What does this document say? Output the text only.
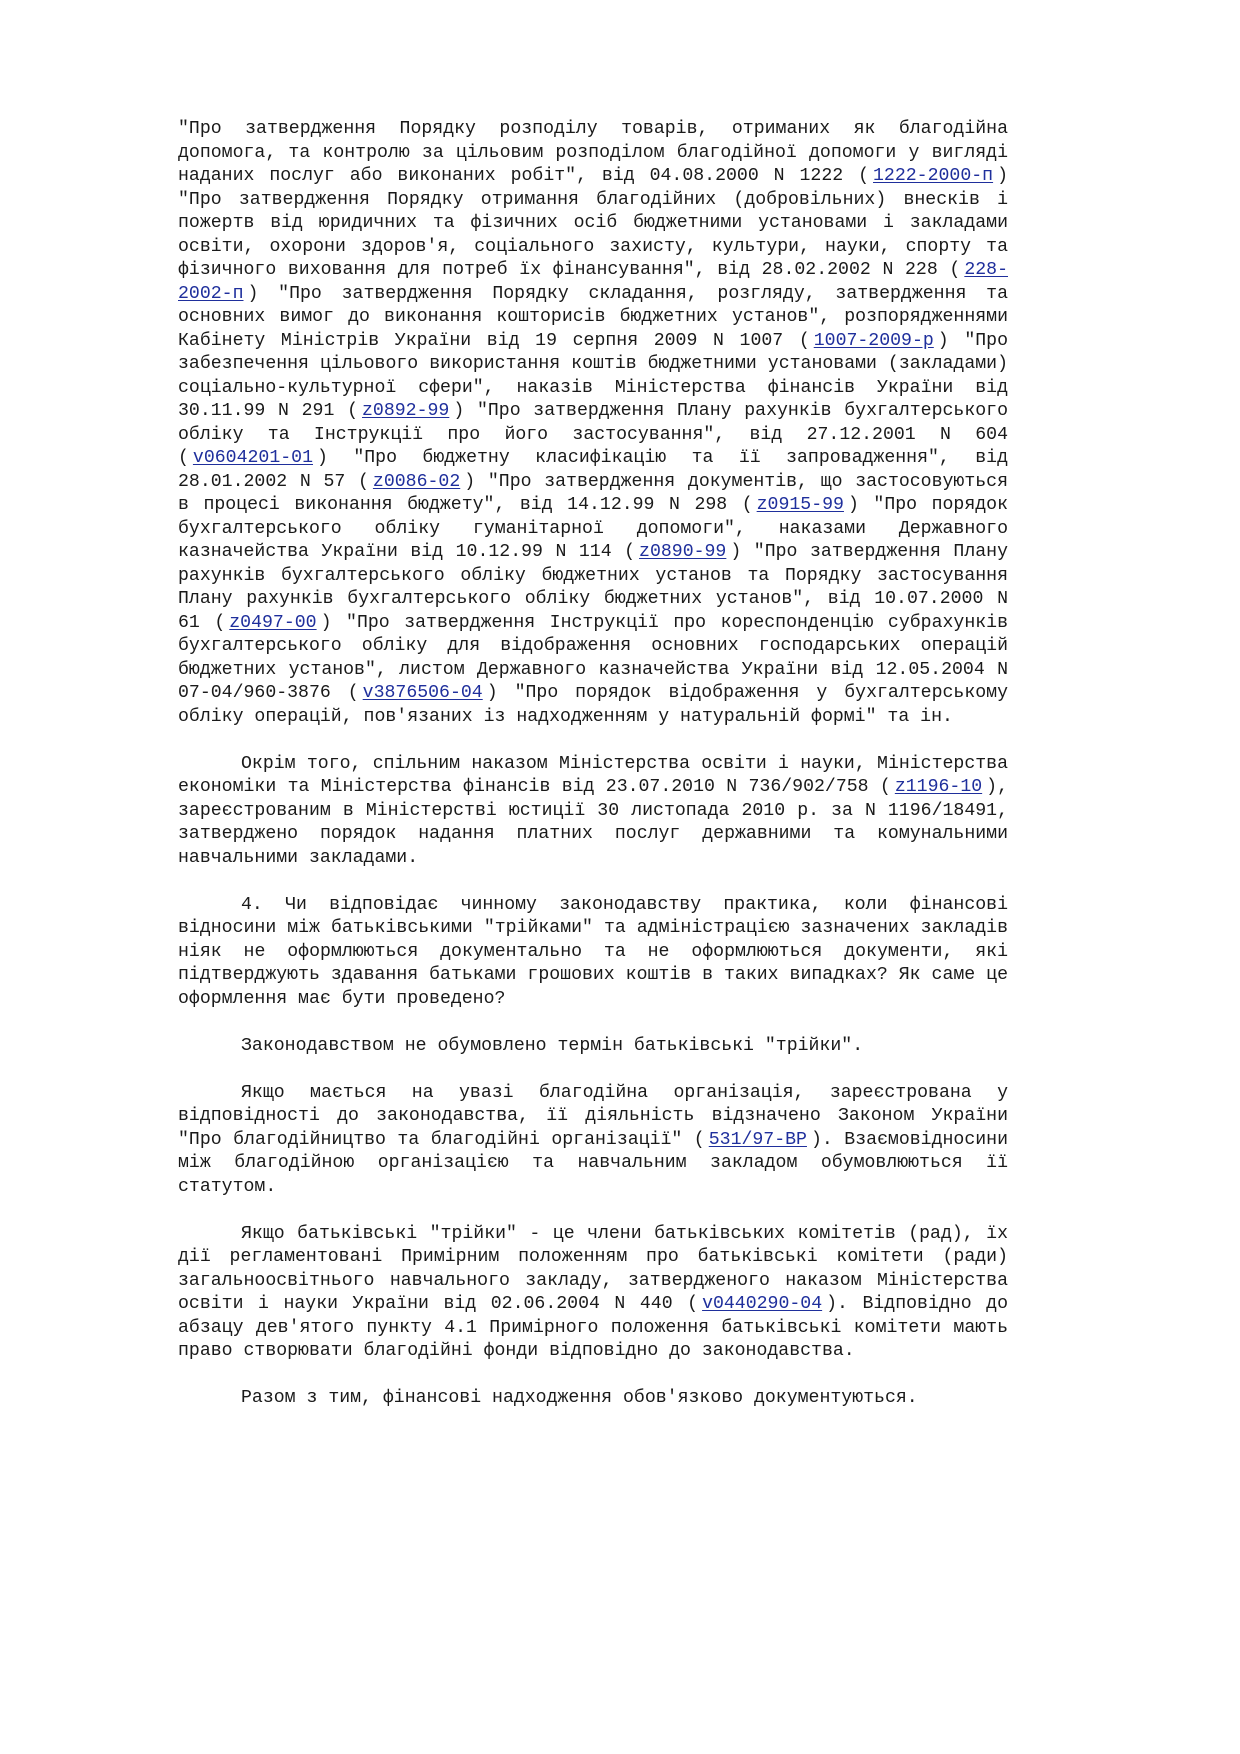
"Про затвердження Порядку розподілу товарів, отриманих як благодійна допомога, та контролю за цільовим розподілом благодійної допомоги у вигляді наданих послуг або виконаних робіт", від 04.08.2000 N 1222 ( 1222-2000-п ) "Про затвердження Порядку отримання благодійних (добровільних) внесків і пожертв від юридичних та фізичних осіб бюджетними установами і закладами освіти, охорони здоров'я, соціального захисту, культури, науки, спорту та фізичного виховання для потреб їх фінансування", від 28.02.2002 N 228 ( 228-2002-п ) "Про затвердження Порядку складання, розгляду, затвердження та основних вимог до виконання кошторисів бюджетних установ", розпорядженнями Кабінету Міністрів України від 19 серпня 2009 N 1007 ( 1007-2009-р ) "Про забезпечення цільового використання коштів бюджетними установами (закладами) соціально-культурної сфери", наказів Міністерства фінансів України від 30.11.99 N 291 ( z0892-99 ) "Про затвердження Плану рахунків бухгалтерського обліку та Інструкції про його застосування", від 27.12.2001 N 604 ( v0604201-01 ) "Про бюджетну класифікацію та її запровадження", від 28.01.2002 N 57 ( z0086-02 ) "Про затвердження документів, що застосовуються в процесі виконання бюджету", від 14.12.99 N 298 ( z0915-99 ) "Про порядок бухгалтерського обліку гуманітарної допомоги", наказами Державного казначейства України від 10.12.99 N 114 ( z0890-99 ) "Про затвердження Плану рахунків бухгалтерського обліку бюджетних установ та Порядку застосування Плану рахунків бухгалтерського обліку бюджетних установ", від 10.07.2000 N 61 ( z0497-00 ) "Про затвердження Інструкції про кореспонденцію субрахунків бухгалтерського обліку для відображення основних господарських операцій бюджетних установ", листом Державного казначейства України від 12.05.2004 N 07-04/960-3876 ( v3876506-04 ) "Про порядок відображення у бухгалтерському обліку операцій, пов'язаних із надходженням у натуральній формі" та ін.

Окрім того, спільним наказом Міністерства освіти і науки, Міністерства економіки та Міністерства фінансів від 23.07.2010 N 736/902/758 ( z1196-10 ), зареєстрованим в Міністерстві юстиції 30 листопада 2010 р. за N 1196/18491, затверджено порядок надання платних послуг державними та комунальними навчальними закладами.

4. Чи відповідає чинному законодавству практика, коли фінансові відносини між батьківськими "трійками" та адміністрацією зазначених закладів ніяк не оформлюються документально та не оформлюються документи, які підтверджують здавання батьками грошових коштів в таких випадках? Як саме це оформлення має бути проведено?

Законодавством не обумовлено термін батьківські "трійки".

Якщо мається на увазі благодійна організація, зареєстрована у відповідності до законодавства, її діяльність відзначено Законом України "Про благодійництво та благодійні організації" ( 531/97-ВР ). Взаємовідносини між благодійною організацією та навчальним закладом обумовлюються її статутом.

Якщо батьківські "трійки" - це члени батьківських комітетів (рад), їх дії регламентовані Примірним положенням про батьківські комітети (ради) загальноосвітнього навчального закладу, затвердженого наказом Міністерства освіти і науки України від 02.06.2004 N 440 ( v0440290-04 ). Відповідно до абзацу дев'ятого пункту 4.1 Примірного положення батьківські комітети мають право створювати благодійні фонди відповідно до законодавства.

Разом з тим, фінансові надходження обов'язково документуються.
